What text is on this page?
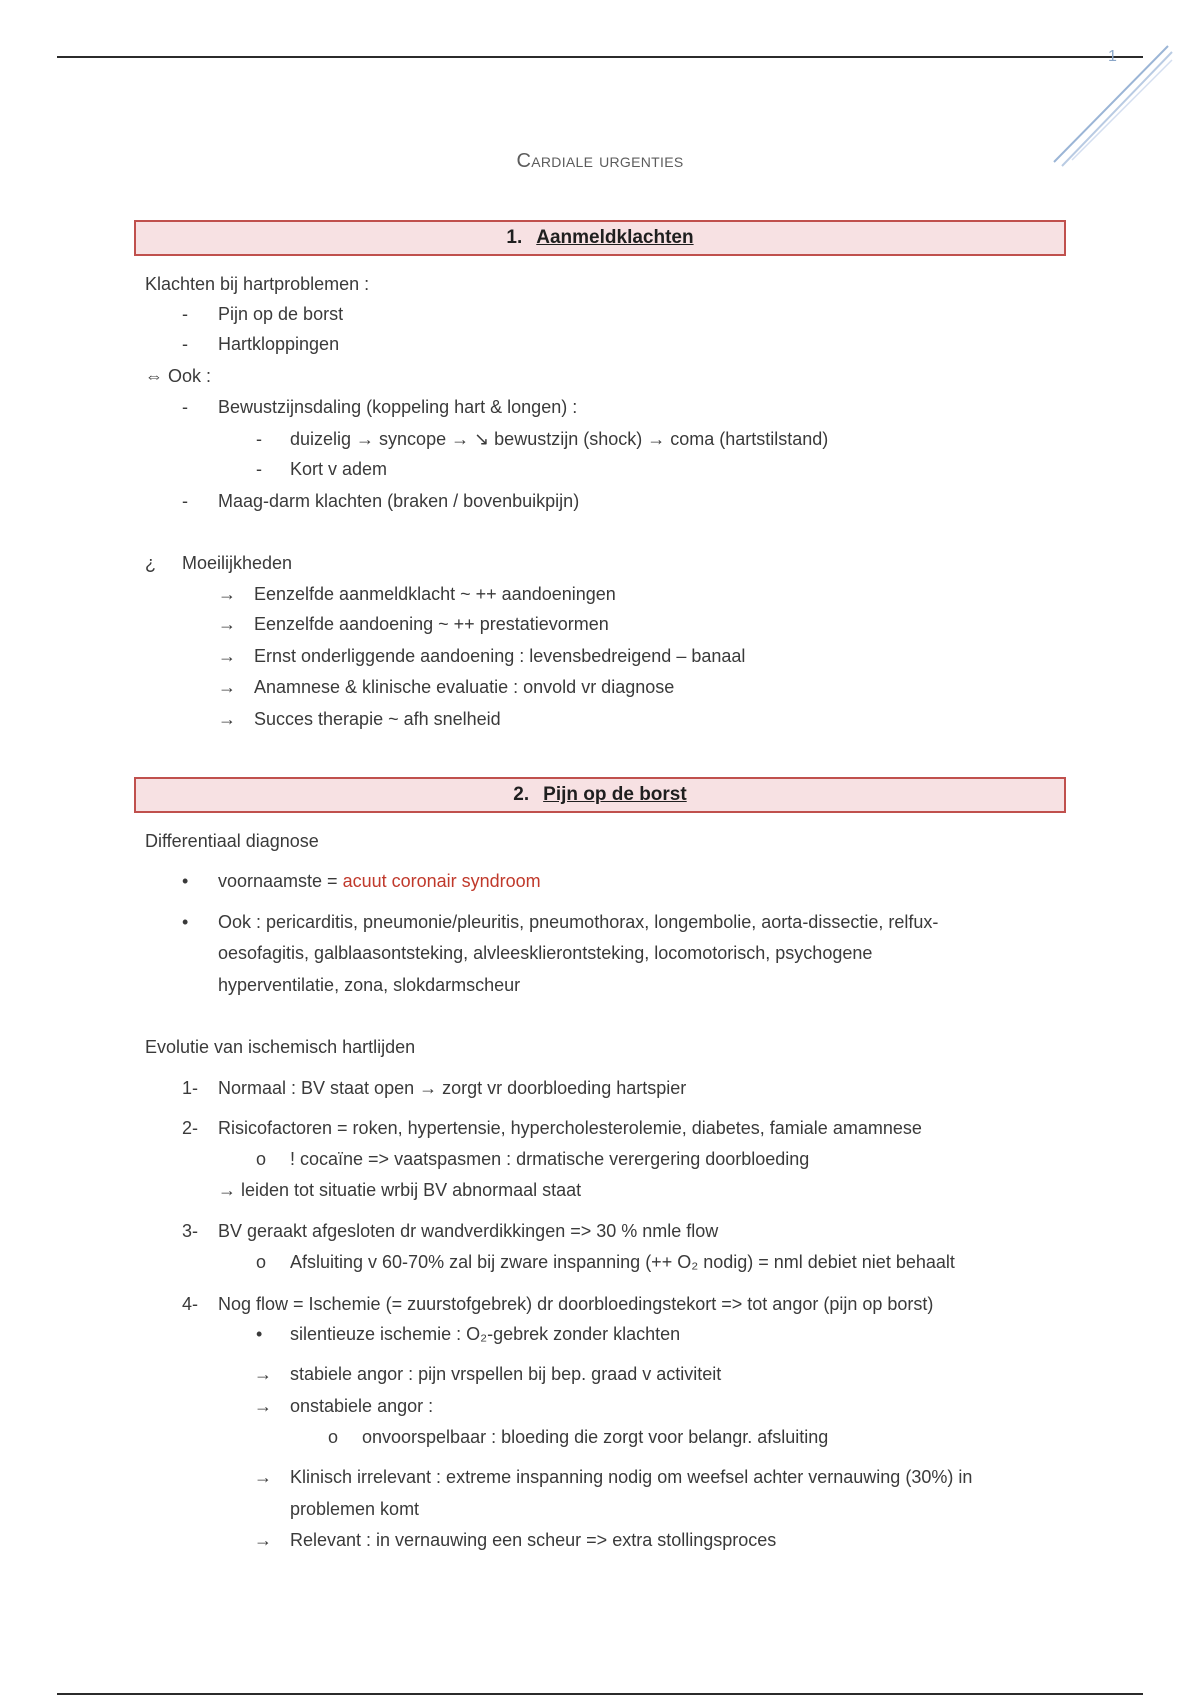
1
Cardiale urgenties
1. Aanmeldklachten
Klachten bij hartproblemen :
- Pijn op de borst
- Hartkloppingen
⇔ Ook :
- Bewustzijnsdaling (koppeling hart & longen) :
- duizelig → syncope → ↘ bewustzijn (shock) → coma (hartstilstand)
- Kort v adem
- Maag-darm klachten (braken / bovenbuikpijn)
¿ Moeilijkheden
→ Eenzelfde aanmeldklacht ~ ++ aandoeningen
→ Eenzelfde aandoening ~ ++ prestatievormen
→ Ernst onderliggende aandoening : levensbedreigend – banaal
→ Anamnese & klinische evaluatie : onvold vr diagnose
→ Succes therapie ~ afh snelheid
2. Pijn op de borst
Differentiaal diagnose
• voornaamste = acuut coronair syndroom
• Ook : pericarditis, pneumonie/pleuritis, pneumothorax, longembolie, aorta-dissectie, relfux-
oesofagitis, galblaasontsteking, alvleesklierontsteking, locomotorisch, psychogene
hyperventilatie, zona, slokdarmscheur
Evolutie van ischemisch hartlijden
1- Normaal : BV staat open → zorgt vr doorbloeding hartspier
2- Risicofactoren = roken, hypertensie, hypercholesterolemie, diabetes, famiale amamnese
o ! cocaïne => vaatspasmen : drmatische verergering doorbloeding
→ leiden tot situatie wrbij BV abnormaal staat
3- BV geraakt afgesloten dr wandverdikkingen => 30 % nmle flow
o Afsluiting v 60-70% zal bij zware inspanning (++ O₂ nodig) = nml debiet niet behaalt
4- Nog flow = Ischemie (= zuurstofgebrek) dr doorbloedingstekort => tot angor (pijn op borst)
• silentieuze ischemie : O₂-gebrek zonder klachten
→ stabiele angor : pijn vrspellen bij bep. graad v activiteit
→ onstabiele angor :
o onvoorspelbaar : bloeding die zorgt voor belangr. afsluiting
→ Klinisch irrelevant : extreme inspanning nodig om weefsel achter vernauwing (30%) in
problemen komt
→ Relevant : in vernauwing een scheur => extra stollingsproces
